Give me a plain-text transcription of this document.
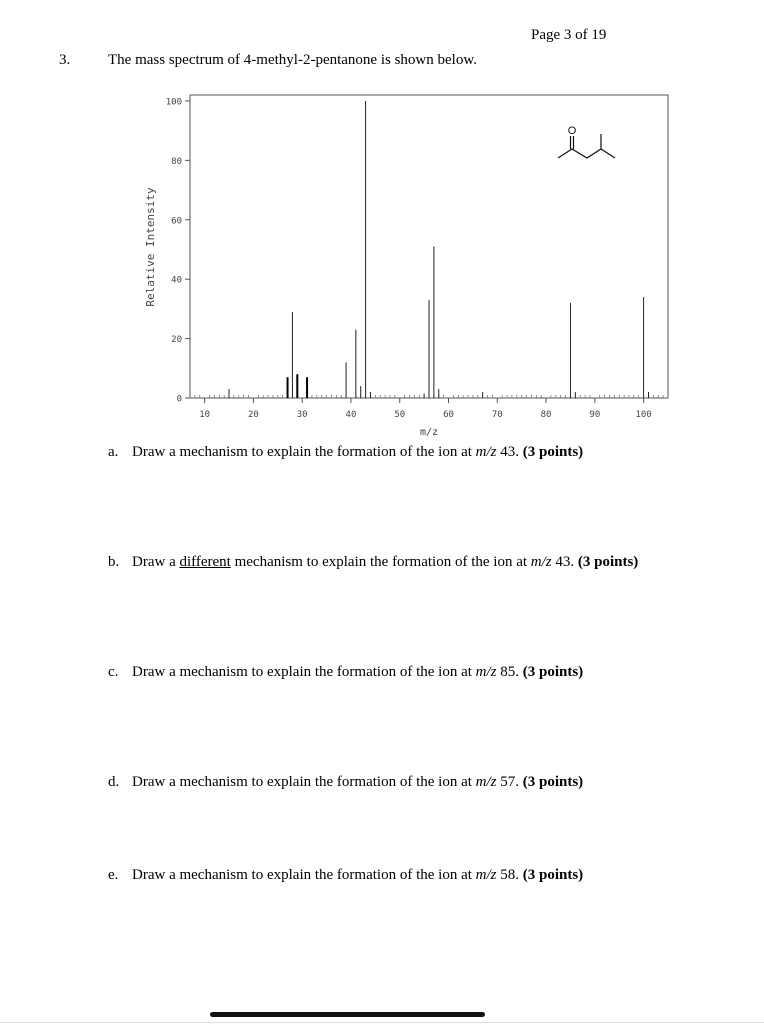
Page 3 of 19
3.	The mass spectrum of 4-methyl-2-pentanone is shown below.
0
20
40
60
80
100
10	20	30	40	50	60	70	80	90	100
Relative Intensity
m/z
O
a. Draw a mechanism to explain the formation of the ion at m/z 43. (3 points)
b. Draw a different mechanism to explain the formation of the ion at m/z 43. (3 points)
c. Draw a mechanism to explain the formation of the ion at m/z 85. (3 points)
d. Draw a mechanism to explain the formation of the ion at m/z 57. (3 points)
e. Draw a mechanism to explain the formation of the ion at m/z 58. (3 points)
